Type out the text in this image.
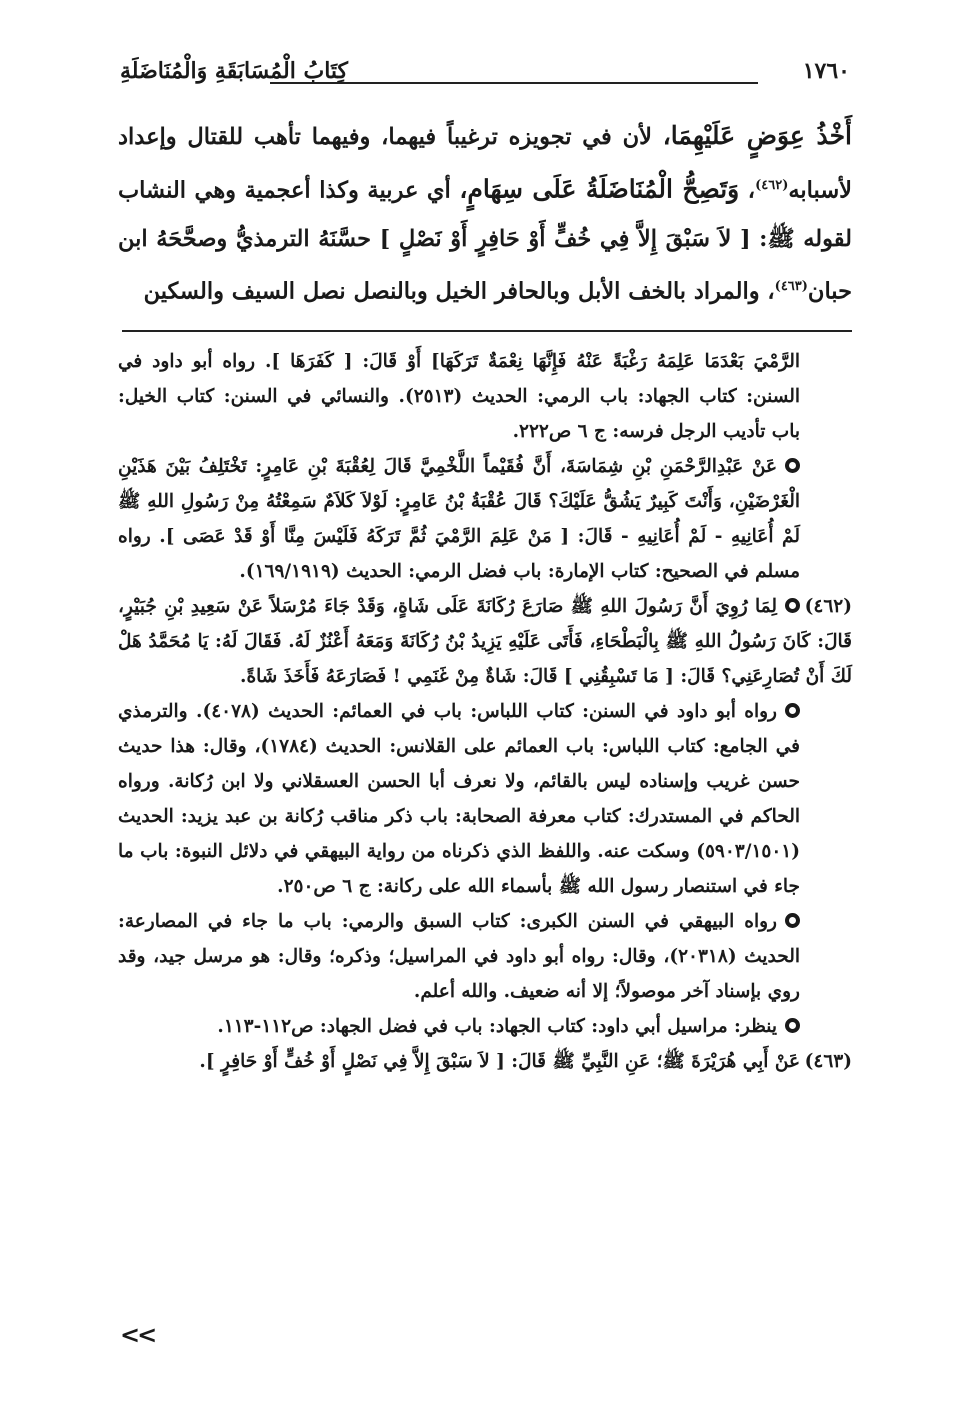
١٧٦٠
كِتَابُ الْمُسَابَقَةِ وَالْمُنَاضَلَةِ

أَخْذُ عِوَضٍ عَلَيْهِمَا، لأن في تجويزه ترغيباً فيهما، وفيهما تأهب للقتال وإعداد لأسبابه$^{(٤٦٢)}$، وَتَصِحُّ الْمُنَاضَلَةُ عَلَى سِهَامٍ، أي عربية وكذا أعجمية وهي النشاب لقوله ﷺ: [ لاَ سَبْقَ إِلاَّ فِي خُفٍّ أَوْ حَافِرٍ أَوْ نَصْلٍ ] حسَّنَهُ الترمذيُّ وصحَّحَهُ ابن حبان$^{(٤٦٣)}$، والمراد بالخف الأبل وبالحافر الخيل وبالنصل نصل السيف والسكين

الرَّمْيَ بَعْدَمَا عَلِمَهُ رَغْبَةً عَنْهُ فَإِنَّهَا نِعْمَةٌ تَرَكَهَا] أَوْ قَالَ: [ كَفَرَهَا ]. رواه أبو داود في السنن: كتاب الجهاد: باب الرمي: الحديث (٢٥١٣). والنسائي في السنن: كتاب الخيل: باب تأديب الرجل فرسه: ج ٦ ص٢٢٢.

عَنْ عَبْدِالرَّحْمَنِ بْنِ شِمَاسَةَ، أَنَّ فُقَيْماً اللَّخْمِيَّ قَالَ لِعُقْبَةَ بْنِ عَامِرٍ: تَخْتَلِفُ بَيْنَ هَذَيْنِ الْغَرْضَيْنِ، وَأَنْتَ كَبِيرٌ يَشُقُّ عَلَيْكَ؟ قَالَ عُقْبَةُ بْنُ عَامِرٍ: لَوْلاَ كَلاَمٌ سَمِعْتُهُ مِنْ رَسُولِ اللهِ ﷺ لَمْ أُعَانِيهِ - لَمْ أُعَانِيهِ - قَالَ: [ مَنْ عَلِمَ الرَّمْيَ ثُمَّ تَرَكَهُ فَلَيْسَ مِنَّا أَوْ قَدْ عَصَى ]. رواه مسلم في الصحيح: كتاب الإمارة: باب فضل الرمي: الحديث (١٦٩/١٩١٩).

(٤٦٢)لِمَا رُوِيَ أَنَّ رَسُولَ اللهِ ﷺ صَارَعَ رُكَانَةَ عَلَى شَاةٍ، وَقَدْ جَاءَ مُرْسَلاً عَنْ سَعِيدِ بْنِ جُبَيْرٍ، قَالَ: كَانَ رَسُولُ اللهِ ﷺ بِالْبَطْحَاءِ، فَأَتَى عَلَيْهِ يَزِيدُ بْنُ رُكَانَةَ وَمَعَهُ أَعْنُزٌ لَهُ. فَقَالَ لَهُ: يَا مُحَمَّدُ هَلْ لَكَ أَنْ تُصَارِعَنِي؟ قَالَ: [ مَا تَسْبِقُنِي ] قَالَ: شَاةٌ مِنْ غَنَمِي ! فَصَارَعَهُ فَأَخَذَ شَاةً.

رواه أبو داود في السنن: كتاب اللباس: باب في العمائم: الحديث (٤٠٧٨). والترمذي في الجامع: كتاب اللباس: باب العمائم على القلانس: الحديث (١٧٨٤)، وقال: هذا حديث حسن غريب وإسناده ليس بالقائم، ولا نعرف أبا الحسن العسقلاني ولا ابن رُكانة. ورواه الحاكم في المستدرك: كتاب معرفة الصحابة: باب ذكر مناقب رُكانة بن عبد يزيد: الحديث (٥٩٠٣/١٥٠١) وسكت عنه. واللفظ الذي ذكرناه من رواية البيهقي في دلائل النبوة: باب ما جاء في استنصار رسول الله ﷺ بأسماء الله على ركانة: ج ٦ ص٢٥٠.

رواه البيهقي في السنن الكبرى: كتاب السبق والرمي: باب ما جاء في المصارعة: الحديث (٢٠٣١٨)، وقال: رواه أبو داود في المراسيل؛ وذكره؛ وقال: هو مرسل جيد، وقد روي بإسناد آخر موصولاً؛ إلا أنه ضعيف. والله أعلم.

ينظر: مراسيل أبي داود: كتاب الجهاد: باب في فضل الجهاد: ص١١٢-١١٣.

(٤٦٣)عَنْ أَبِي هُرَيْرَةَ ﷺ؛ عَنِ النَّبِيِّ ﷺ قَالَ: [ لاَ سَبْقَ إِلاَّ فِي نَصْلٍ أَوْ خُفٍّ أَوْ حَافِرٍ ].

<<
